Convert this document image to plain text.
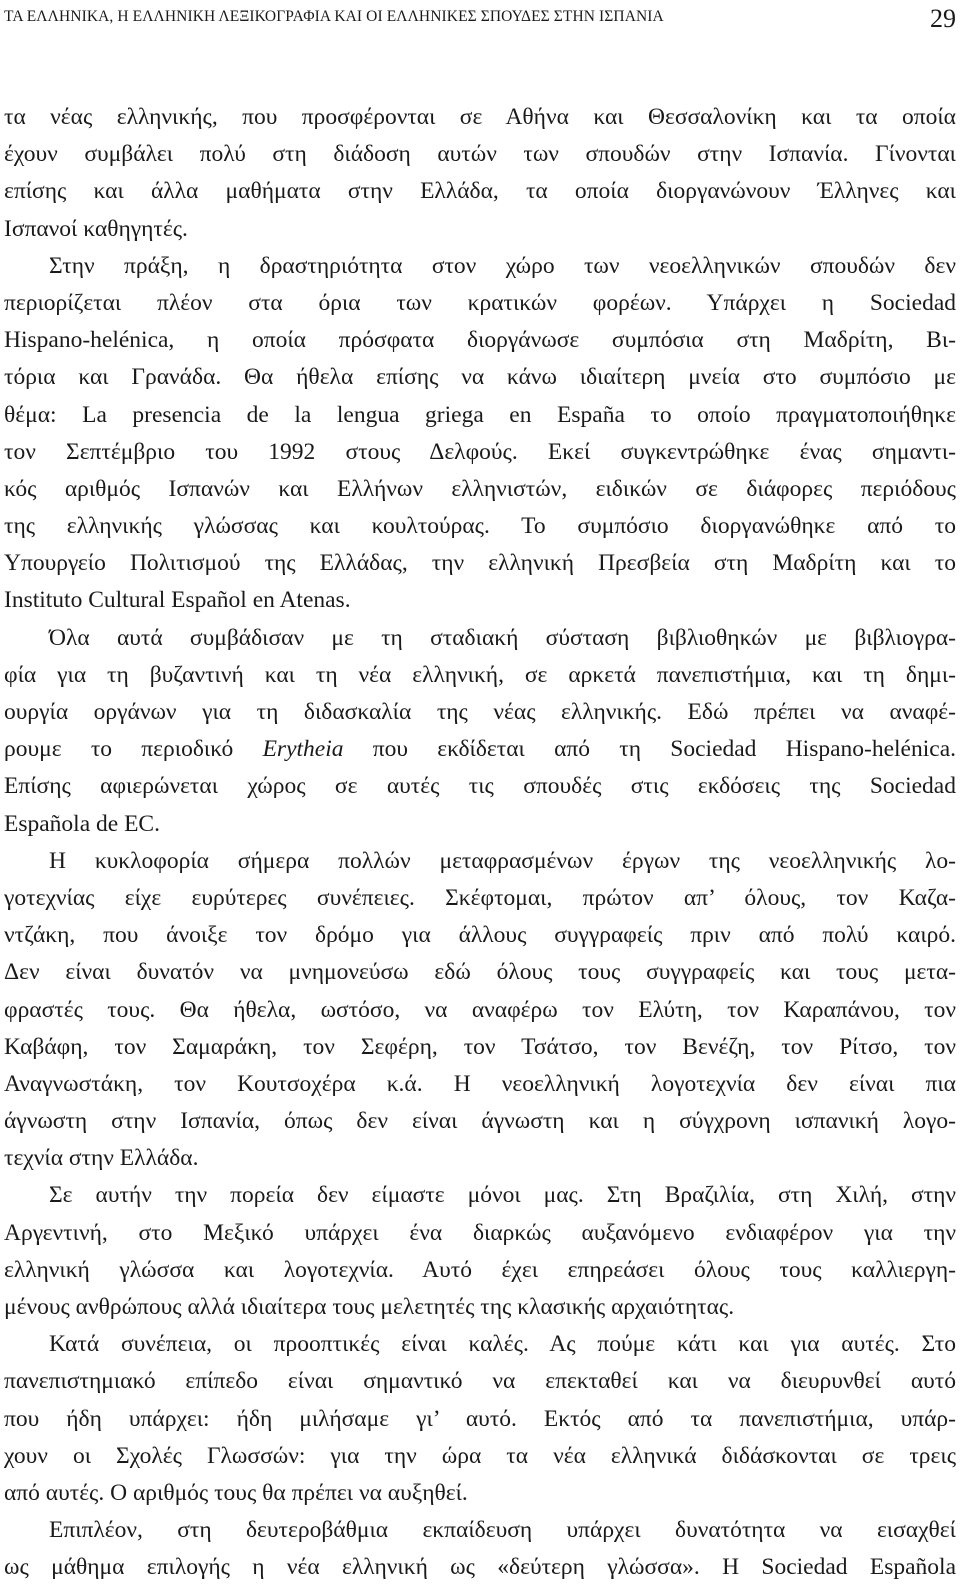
ΤΑ ΕΛΛΗΝΙΚΑ, Η ΕΛΛΗΝΙΚΗ ΛΕΞΙΚΟΓΡΑΦΙΑ ΚΑΙ ΟΙ ΕΛΛΗΝΙΚΕΣ ΣΠΟΥΔΕΣ ΣΤΗΝ ΙΣΠΑΝΙΑ	29
τα νέας ελληνικής, που προσφέρονται σε Αθήνα και Θεσσαλονίκη και τα οποία
έχουν συμβάλει πολύ στη διάδοση αυτών των σπουδών στην Ισπανία. Γίνονται
επίσης και άλλα μαθήματα στην Ελλάδα, τα οποία διοργανώνουν Έλληνες και
Ισπανοί καθηγητές.
Στην πράξη, η δραστηριότητα στον χώρο των νεοελληνικών σπουδών δεν
περιορίζεται πλέον στα όρια των κρατικών φορέων. Υπάρχει η Sociedad
Hispano-helénica, η οποία πρόσφατα διοργάνωσε συμπόσια στη Μαδρίτη, Βι-
τόρια και Γρανάδα. Θα ήθελα επίσης να κάνω ιδιαίτερη μνεία στο συμπόσιο με
θέμα: La presencia de la lengua griega en España το οποίο πραγματοποιήθηκε
τον Σεπτέμβριο του 1992 στους Δελφούς. Εκεί συγκεντρώθηκε ένας σημαντι-
κός αριθμός Ισπανών και Ελλήνων ελληνιστών, ειδικών σε διάφορες περιόδους
της ελληνικής γλώσσας και κουλτούρας. Το συμπόσιο διοργανώθηκε από το
Υπουργείο Πολιτισμού της Ελλάδας, την ελληνική Πρεσβεία στη Μαδρίτη και το
Instituto Cultural Español en Atenas.
Όλα αυτά συμβάδισαν με τη σταδιακή σύσταση βιβλιοθηκών με βιβλιογρα-
φία για τη βυζαντινή και τη νέα ελληνική, σε αρκετά πανεπιστήμια, και τη δημι-
ουργία οργάνων για τη διδασκαλία της νέας ελληνικής. Εδώ πρέπει να αναφέ-
ρουμε το περιοδικό Erytheia που εκδίδεται από τη Sociedad Hispano-helénica.
Επίσης αφιερώνεται χώρος σε αυτές τις σπουδές στις εκδόσεις της Sociedad
Española de EC.
Η κυκλοφορία σήμερα πολλών μεταφρασμένων έργων της νεοελληνικής λο-
γοτεχνίας είχε ευρύτερες συνέπειες. Σκέφτομαι, πρώτον απ’ όλους, τον Καζα-
ντζάκη, που άνοιξε τον δρόμο για άλλους συγγραφείς πριν από πολύ καιρό.
Δεν είναι δυνατόν να μνημονεύσω εδώ όλους τους συγγραφείς και τους μετα-
φραστές τους. Θα ήθελα, ωστόσο, να αναφέρω τον Ελύτη, τον Καραπάνου, τον
Καβάφη, τον Σαμαράκη, τον Σεφέρη, τον Τσάτσο, τον Βενέζη, τον Ρίτσο, τον
Αναγνωστάκη, τον Κουτσοχέρα κ.ά. Η νεοελληνική λογοτεχνία δεν είναι πια
άγνωστη στην Ισπανία, όπως δεν είναι άγνωστη και η σύγχρονη ισπανική λογο-
τεχνία στην Ελλάδα.
Σε αυτήν την πορεία δεν είμαστε μόνοι μας. Στη Βραζιλία, στη Χιλή, στην
Αργεντινή, στο Μεξικό υπάρχει ένα διαρκώς αυξανόμενο ενδιαφέρον για την
ελληνική γλώσσα και λογοτεχνία. Αυτό έχει επηρεάσει όλους τους καλλιεργη-
μένους ανθρώπους αλλά ιδιαίτερα τους μελετητές της κλασικής αρχαιότητας.
Κατά συνέπεια, οι προοπτικές είναι καλές. Ας πούμε κάτι και για αυτές. Στο
πανεπιστημιακό επίπεδο είναι σημαντικό να επεκταθεί και να διευρυνθεί αυτό
που ήδη υπάρχει: ήδη μιλήσαμε γι’ αυτό. Εκτός από τα πανεπιστήμια, υπάρ-
χουν οι Σχολές Γλωσσών: για την ώρα τα νέα ελληνικά διδάσκονται σε τρεις
από αυτές. Ο αριθμός τους θα πρέπει να αυξηθεί.
Επιπλέον, στη δευτεροβάθμια εκπαίδευση υπάρχει δυνατότητα να εισαχθεί
ως μάθημα επιλογής η νέα ελληνική ως «δεύτερη γλώσσα». Η Sociedad Española
